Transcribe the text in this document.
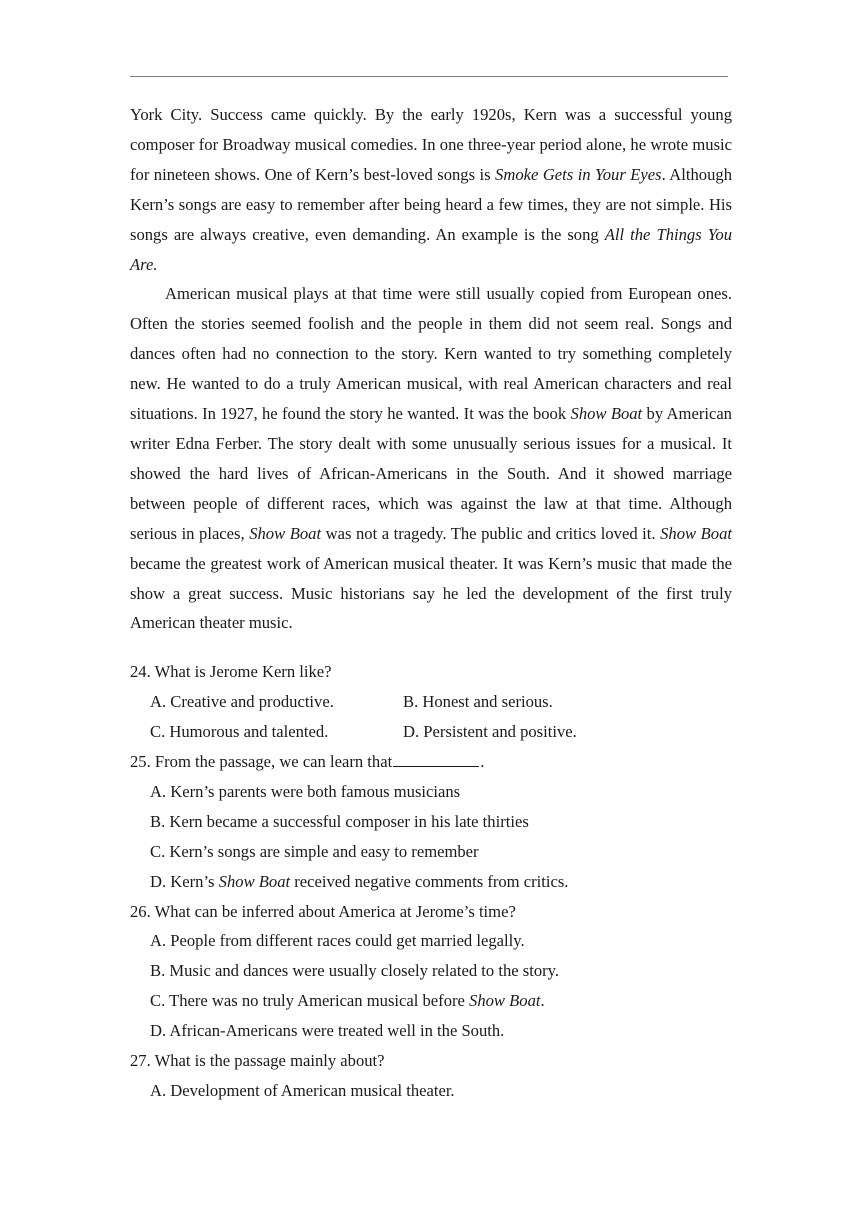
York City. Success came quickly. By the early 1920s, Kern was a successful young composer for Broadway musical comedies. In one three-year period alone, he wrote music for nineteen shows. One of Kern’s best-loved songs is Smoke Gets in Your Eyes. Although Kern’s songs are easy to remember after being heard a few times, they are not simple. His songs are always creative, even demanding. An example is the song All the Things You Are.

American musical plays at that time were still usually copied from European ones. Often the stories seemed foolish and the people in them did not seem real. Songs and dances often had no connection to the story. Kern wanted to try something completely new. He wanted to do a truly American musical, with real American characters and real situations. In 1927, he found the story he wanted. It was the book Show Boat by American writer Edna Ferber. The story dealt with some unusually serious issues for a musical. It showed the hard lives of African-Americans in the South. And it showed marriage between people of different races, which was against the law at that time. Although serious in places, Show Boat was not a tragedy. The public and critics loved it. Show Boat became the greatest work of American musical theater. It was Kern’s music that made the show a great success. Music historians say he led the development of the first truly American theater music.

24. What is Jerome Kern like?

A. Creative and productive.	B. Honest and serious.
C. Humorous and talented.	D. Persistent and positive.

25. From the passage, we can learn that	.

A. Kern’s parents were both famous musicians

B. Kern became a successful composer in his late thirties

C. Kern’s songs are simple and easy to remember

D. Kern’s Show Boat received negative comments from critics.

26. What can be inferred about America at Jerome’s time?

A. People from different races could get married legally.

B. Music and dances were usually closely related to the story.

C. There was no truly American musical before Show Boat.

D. African-Americans were treated well in the South.

27. What is the passage mainly about?

A. Development of American musical theater.
